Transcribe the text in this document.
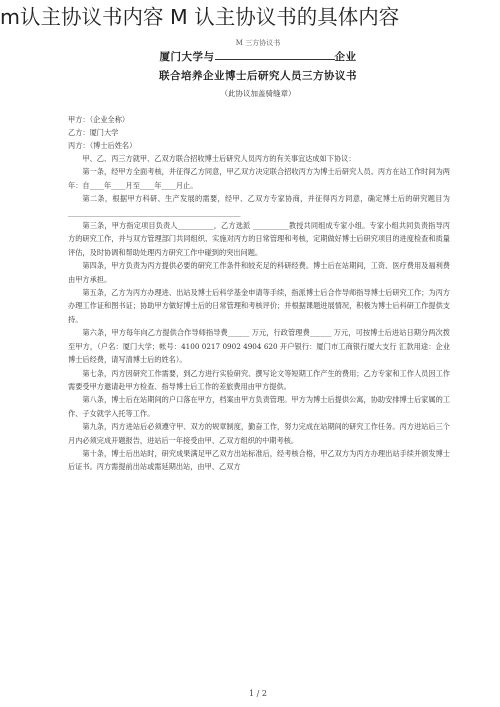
m认主协议书内容 M 认主协议书的具体内容
M 三方协议书
厦门大学与	企业
联合培养企业博士后研究人员三方协议书
（此协议加盖骑缝章）
甲方：（企业全称）
乙方：厦门大学
丙方：（博士后姓名）

甲、乙、丙三方就甲、乙双方联合招收博士后研究人员丙方的有关事宜达成如下协议：

第一条，经甲方全面考核，并征得乙方同意，甲乙双方决定联合招收丙方为博士后研究人员。丙方在站工作时间为两年：自____年____月至____年____月止。

第二条，根据甲方科研、生产发展的需要，经甲、乙双方专家协商，并征得丙方同意，确定博士后的研究题目为________________________________________________

第三条，甲方指定项目负责人__________，乙方选派 __________教授共同组成专家小组。专家小组共同负责指导丙方的研究工作，并与双方管理部门共同组织、实施对丙方的日常管理和考核，定期做好博士后研究项目的进度检查和质量评估，及时协调和帮助处理丙方研究工作中碰到的突出问题。

第四条，甲方负责为丙方提供必要的研究工作条件和较充足的科研经费。博士后在站期间，工资、医疗费用及福利费由甲方承担。

第五条，乙方为丙方办理进、出站及博士后科学基金申请等手续，指派博士后合作导师指导博士后研究工作；为丙方办理工作证和图书证；协助甲方做好博士后的日常管理和考核评价；并根据课题进展情况，积极为博士后科研工作提供支持。

第六条，甲方每年向乙方提供合作导师指导费______ 万元，行政管理费______ 万元，可按博士后进站日期分两次拨至甲方，（户名：厦门大学；帐号：4100 0217 0902 4904 620 开户银行：厦门市工商银行厦大支行 汇款用途：企业博士后经费，请写清博士后的姓名）。

第七条，丙方因研究工作需要，到乙方进行实验研究、撰写论文等短期工作产生的费用；乙方专家和工作人员因工作需要受甲方邀请赴甲方检查、指导博士后工作的差旅费用由甲方提供。

第八条，博士后在站期间的户口落在甲方，档案由甲方负责管理。甲方为博士后提供公寓，协助安排博士后家属的工作、子女就学入托等工作。

第九条，丙方进站后必须遵守甲、双方的规章制度，勤奋工作，努力完成在站期间的研究工作任务。丙方进站后三个月内必须完成开题报告，进站后一年接受由甲、乙双方组织的中期考核。

第十条，博士后出站时，研究成果满足甲乙双方出站标准后，经考核合格，甲乙双方为丙方办理出站手续并颁发博士后证书。丙方需提前出站或需延期出站，由甲、乙双方

1 / 2
